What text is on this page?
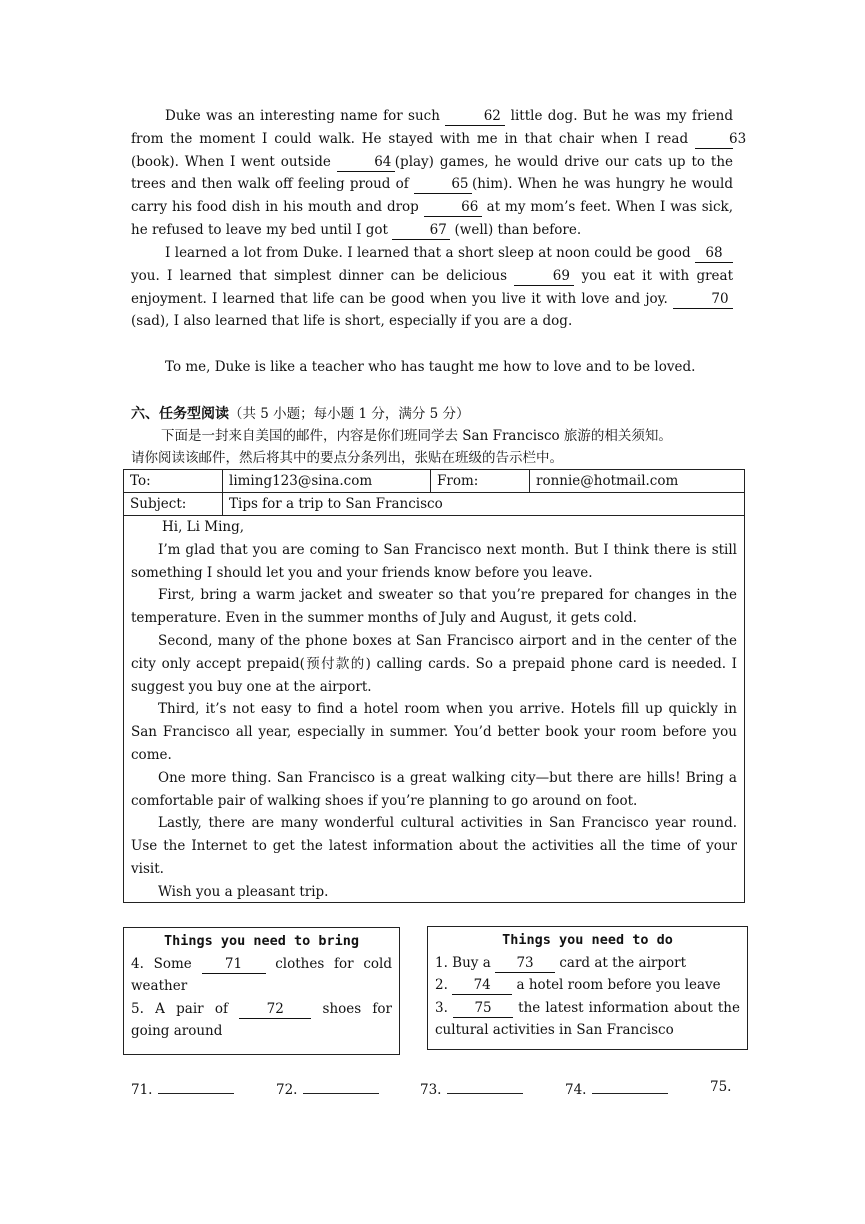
Duke was an interesting name for such	62 little dog. But he was my friend from the moment I could walk. He stayed with me in that chair when I read	63 (book). When I went outside	64 (play) games, he would drive our cats up to the trees and then walk off feeling proud of	65 (him). When he was hungry he would carry his food dish in his mouth and drop	66 at my mom’s feet. When I was sick, he refused to leave my bed until I got	67 (well) than before.
I learned a lot from Duke. I learned that a short sleep at noon could be good 68 you. I learned that simplest dinner can be delicious	69 you eat it with great enjoyment. I learned that life can be good when you live it with love and joy.	70 (sad), I also learned that life is short, especially if you are a dog.
To me, Duke is like a teacher who has taught me how to love and to be loved.
六、任务型阅读（共 5 小题；每小题 1 分，满分 5 分）
下面是一封来自美国的邮件，内容是你们班同学去 San Francisco 旅游的相关须知。
请你阅读该邮件，然后将其中的要点分条列出，张贴在班级的告示栏中。
To:	liming123@sina.com	From:	ronnie@hotmail.com
Subject:	Tips for a trip to San Francisco		

Hi, Li Ming,

I’m glad that you are coming to San Francisco next month. But I think there is still something I should let you and your friends know before you leave.

First, bring a warm jacket and sweater so that you’re prepared for changes in the temperature. Even in the summer months of July and August, it gets cold.

Second, many of the phone boxes at San Francisco airport and in the center of the city only accept prepaid(预付款的) calling cards. So a prepaid phone card is needed. I suggest you buy one at the airport.

Third, it’s not easy to find a hotel room when you arrive. Hotels fill up quickly in San Francisco all year, especially in summer. You’d better book your room before you come.

One more thing. San Francisco is a great walking city—but there are hills! Bring a comfortable pair of walking shoes if you’re planning to go around on foot.

Lastly, there are many wonderful cultural activities in San Francisco year round. Use the Internet to get the latest information about the activities all the time of your visit.

Wish you a pleasant trip.

Things you need to bring
4. Some 71 clothes for cold weather
5. A pair of	72	shoes for going around
Things you need to do
1. Buy a 73 card at the airport
2. 74 a hotel room before you leave
3. 75 the latest information about the cultural activities in San Francisco
71.	72.	73.	74.	75.
